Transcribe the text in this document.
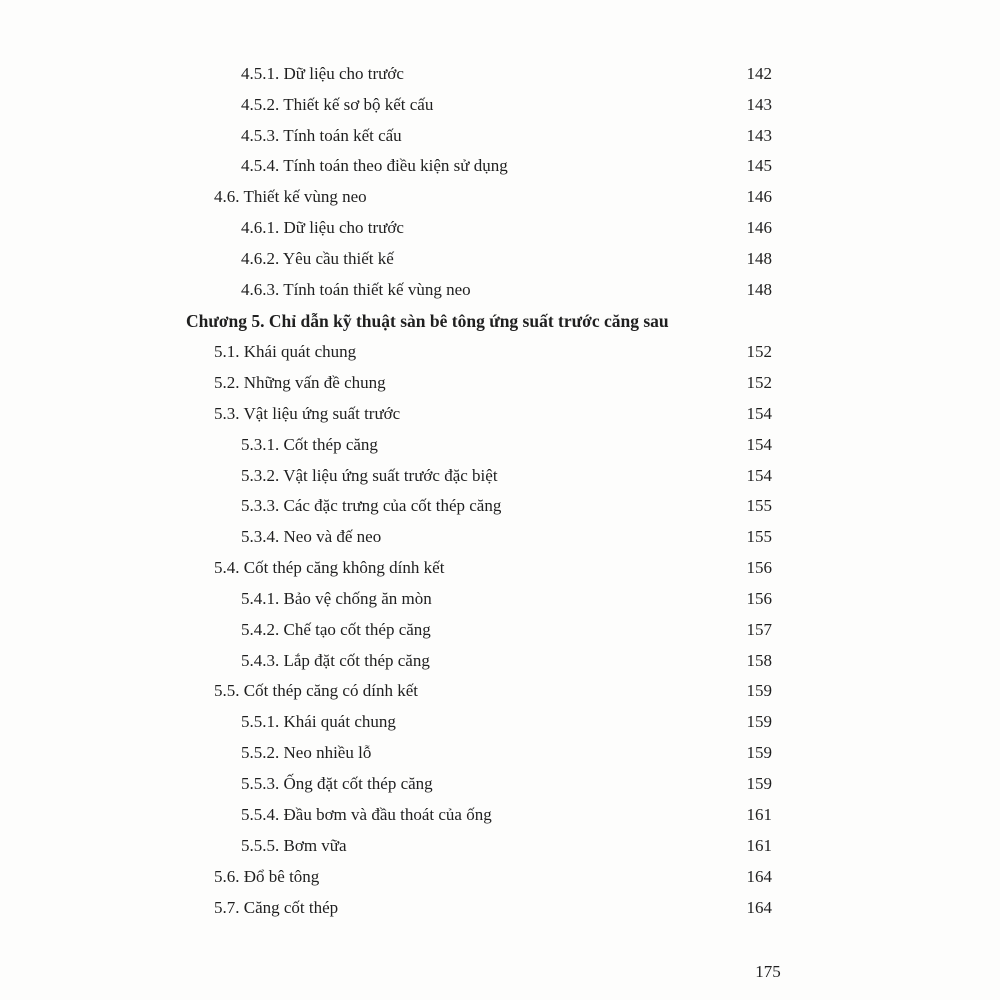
4.5.1. Dữ liệu cho trước	142
4.5.2. Thiết kế sơ bộ kết cấu	143
4.5.3. Tính toán kết cấu	143
4.5.4. Tính toán theo điều kiện sử dụng	145
4.6. Thiết kế vùng neo	146
4.6.1. Dữ liệu cho trước	146
4.6.2. Yêu cầu thiết kế	148
4.6.3. Tính toán thiết kế vùng neo	148
Chương 5. Chỉ dẫn kỹ thuật sàn bê tông ứng suất trước căng sau
5.1. Khái quát chung	152
5.2. Những vấn đề chung	152
5.3. Vật liệu ứng suất trước	154
5.3.1. Cốt thép căng	154
5.3.2. Vật liệu ứng suất trước đặc biệt	154
5.3.3. Các đặc trưng của cốt thép căng	155
5.3.4. Neo và đế neo	155
5.4. Cốt thép căng không dính kết	156
5.4.1. Bảo vệ chống ăn mòn	156
5.4.2. Chế tạo cốt thép căng	157
5.4.3. Lắp đặt cốt thép căng	158
5.5. Cốt thép căng có dính kết	159
5.5.1. Khái quát chung	159
5.5.2. Neo nhiều lỗ	159
5.5.3. Ống đặt cốt thép căng	159
5.5.4. Đầu bơm và đầu thoát của ống	161
5.5.5. Bơm vữa	161
5.6. Đổ bê tông	164
5.7. Căng cốt thép	164
175
